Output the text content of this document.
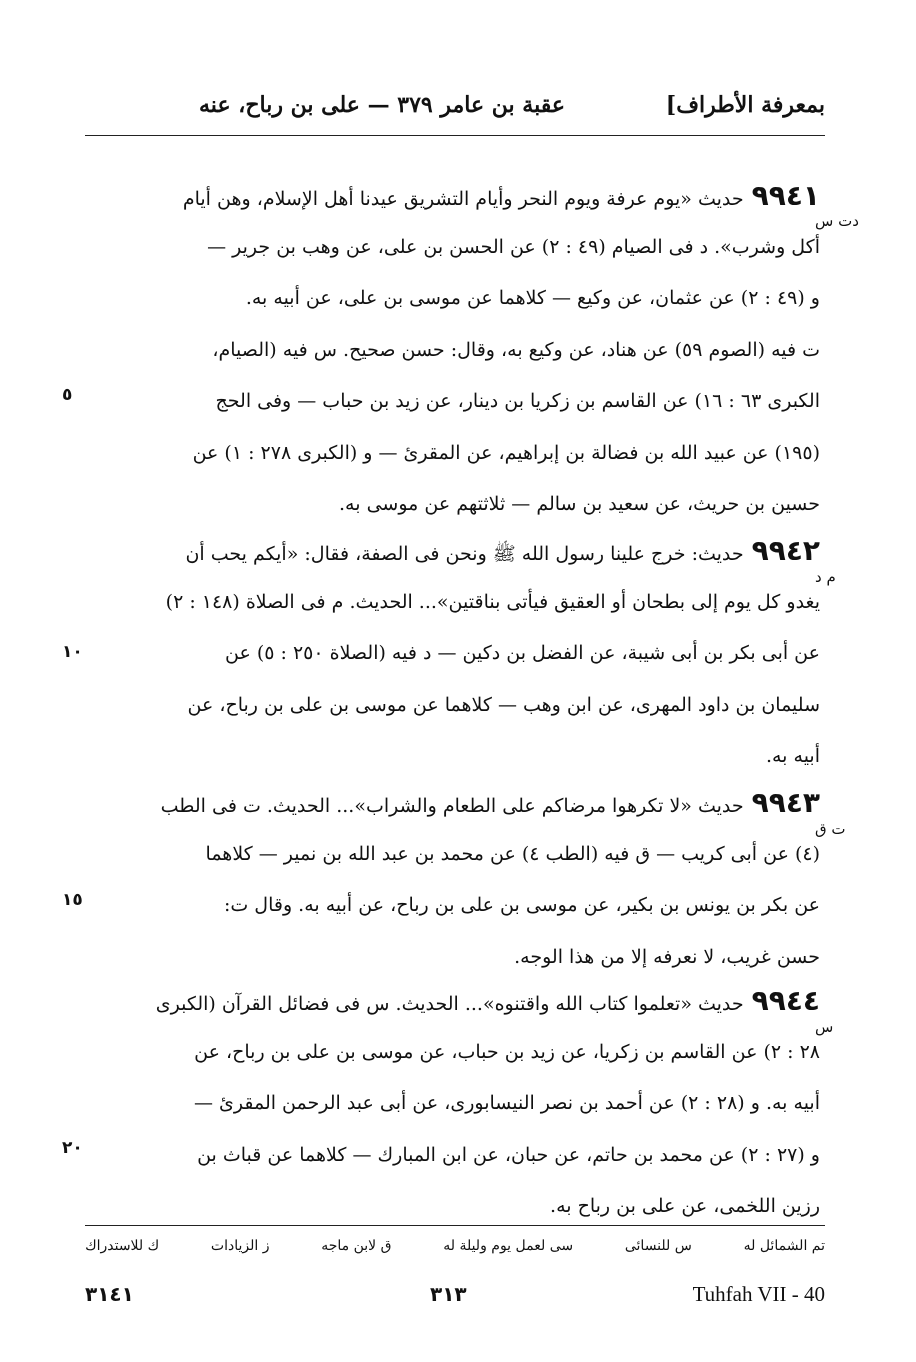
بمعرفة الأطراف]
عقبة بن عامر ٣٧٩ — على بن رباح، عنه
٩٩٤١حديث «يوم عرفة ويوم النحر وأيام التشريق عيدنا أهل الإسلام، وهن أيام
أكل وشرب». د فى الصيام (٤٩ : ٢) عن الحسن بن على، عن وهب بن جرير —
و (٤٩ : ٢) عن عثمان، عن وكيع — كلاهما عن موسى بن على، عن أبيه به.
ت فيه (الصوم ٥٩) عن هناد، عن وكيع به، وقال: حسن صحيح. س فيه (الصيام،
الكبرى ٦٣ : ١٦) عن القاسم بن زكريا بن دينار، عن زيد بن حباب — وفى الحج
(١٩٥) عن عبيد الله بن فضالة بن إبراهيم، عن المقرئ — و (الكبرى ٢٧٨ : ١) عن
حسين بن حريث، عن سعيد بن سالم — ثلاثتهم عن موسى به.
٩٩٤٢حديث: خرج علينا رسول الله ﷺ ونحن فى الصفة، فقال: «أيكم يحب أن
يغدو كل يوم إلى بطحان أو العقيق فيأتى بناقتين»... الحديث. م فى الصلاة (١٤٨ : ٢)
عن أبى بكر بن أبى شيبة، عن الفضل بن دكين — د فيه (الصلاة ٢٥٠ : ٥) عن
سليمان بن داود المهرى، عن ابن وهب — كلاهما عن موسى بن على بن رباح، عن
أبيه به.
٩٩٤٣حديث «لا تكرهوا مرضاكم على الطعام والشراب»... الحديث. ت فى الطب
(٤) عن أبى كريب — ق فيه (الطب ٤) عن محمد بن عبد الله بن نمير — كلاهما
عن بكر بن يونس بن بكير، عن موسى بن على بن رباح، عن أبيه به. وقال ت:
حسن غريب، لا نعرفه إلا من هذا الوجه.
٩٩٤٤حديث «تعلموا كتاب الله واقتنوه»... الحديث. س فى فضائل القرآن (الكبرى
٢٨ : ٢) عن القاسم بن زكريا، عن زيد بن حباب، عن موسى بن على بن رباح، عن
أبيه به. و (٢٨ : ٢) عن أحمد بن نصر النيسابورى، عن أبى عبد الرحمن المقرئ —
و (٢٧ : ٢) عن محمد بن حاتم، عن حبان، عن ابن المبارك — كلاهما عن قباث بن
رزين اللخمى، عن على بن رباح به.
دت س
م د
ت ق
س
٥
١٠
١٥
٢٠
تم الشمائل له
س للنسائى
سى لعمل يوم وليلة له
ق لابن ماجه
ز الزيادات
ك للاستدراك
٣١٤١	٣١٣	Tuhfah VII - 40
